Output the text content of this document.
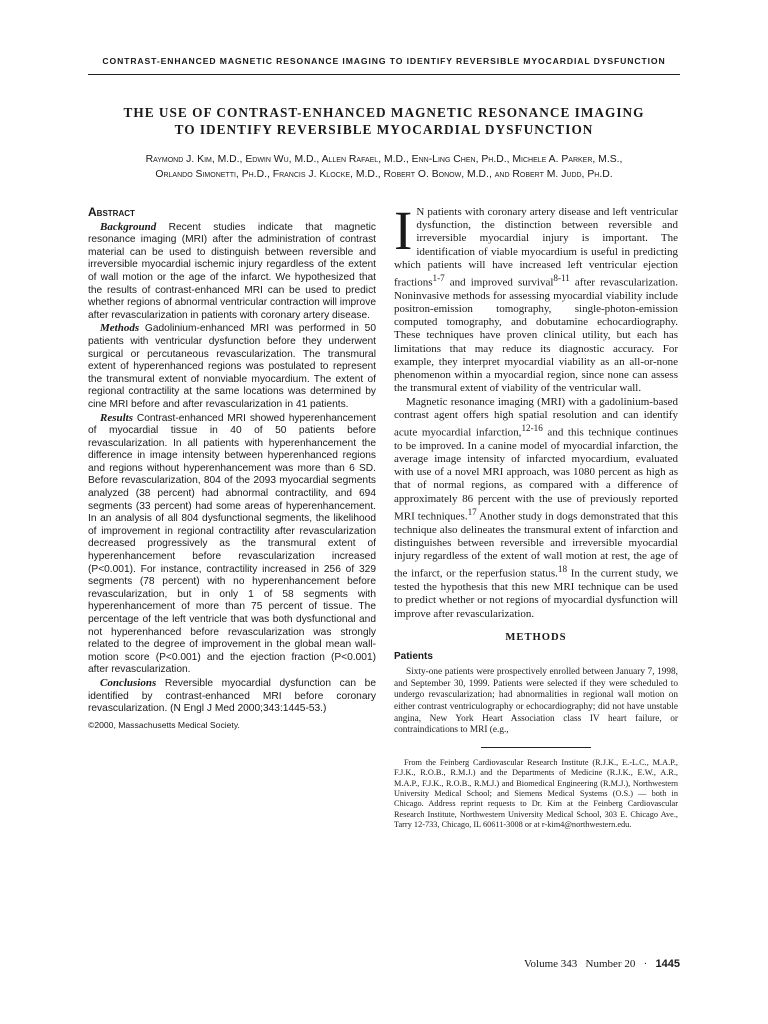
CONTRAST-ENHANCED MAGNETIC RESONANCE IMAGING TO IDENTIFY REVERSIBLE MYOCARDIAL DYSFUNCTION
THE USE OF CONTRAST-ENHANCED MAGNETIC RESONANCE IMAGING
TO IDENTIFY REVERSIBLE MYOCARDIAL DYSFUNCTION
Raymond J. Kim, M.D., Edwin Wu, M.D., Allen Rafael, M.D., Enn-Ling Chen, Ph.D., Michele A. Parker, M.S.,
Orlando Simonetti, Ph.D., Francis J. Klocke, M.D., Robert O. Bonow, M.D., and Robert M. Judd, Ph.D.
Abstract

Background Recent studies indicate that magnetic resonance imaging (MRI) after the administration of contrast material can be used to distinguish between reversible and irreversible myocardial ischemic injury regardless of the extent of wall motion or the age of the infarct. We hypothesized that the results of contrast-enhanced MRI can be used to predict whether regions of abnormal ventricular contraction will improve after revascularization in patients with coronary artery disease.

Methods Gadolinium-enhanced MRI was performed in 50 patients with ventricular dysfunction before they underwent surgical or percutaneous revascularization. The transmural extent of hyperenhanced regions was postulated to represent the transmural extent of nonviable myocardium. The extent of regional contractility at the same locations was determined by cine MRI before and after revascularization in 41 patients.

Results Contrast-enhanced MRI showed hyperenhancement of myocardial tissue in 40 of 50 patients before revascularization. In all patients with hyperenhancement the difference in image intensity between hyperenhanced regions and regions without hyperenhancement was more than 6 SD. Before revascularization, 804 of the 2093 myocardial segments analyzed (38 percent) had abnormal contractility, and 694 segments (33 percent) had some areas of hyperenhancement. In an analysis of all 804 dysfunctional segments, the likelihood of improvement in regional contractility after revascularization decreased progressively as the transmural extent of hyperenhancement before revascularization increased (P<0.001). For instance, contractility increased in 256 of 329 segments (78 percent) with no hyperenhancement before revascularization, but in only 1 of 58 segments with hyperenhancement of more than 75 percent of tissue. The percentage of the left ventricle that was both dysfunctional and not hyperenhanced before revascularization was strongly related to the degree of improvement in the global mean wall-motion score (P<0.001) and the ejection fraction (P<0.001) after revascularization.

Conclusions Reversible myocardial dysfunction can be identified by contrast-enhanced MRI before coronary revascularization. (N Engl J Med 2000;343:1445-53.)

©2000, Massachusetts Medical Society.

I N patients with coronary artery disease and left ventricular dysfunction, the distinction between reversible and irreversible myocardial injury is important. The identification of viable myocardium is useful in predicting which patients will have increased left ventricular ejection fractions$^{1-7}$ and improved survival$^{8-11}$ after revascularization. Noninvasive methods for assessing myocardial viability include positron-emission tomography, single-photon-emission computed tomography, and dobutamine echocardiography. These techniques have proven clinical utility, but each has limitations that may reduce its diagnostic accuracy. For example, they interpret myocardial viability as an all-or-none phenomenon within a myocardial region, since none can assess the transmural extent of viability of the ventricular wall.

Magnetic resonance imaging (MRI) with a gadolinium-based contrast agent offers high spatial resolution and can identify acute myocardial infarction,$^{12-16}$ and this technique continues to be improved. In a canine model of myocardial infarction, the average image intensity of infarcted myocardium, evaluated with use of a novel MRI approach, was 1080 percent as high as that of normal regions, as compared with a difference of approximately 86 percent with the use of previously reported MRI techniques.$^{17}$ Another study in dogs demonstrated that this technique also delineates the transmural extent of infarction and distinguishes between reversible and irreversible myocardial injury regardless of the extent of wall motion at rest, the age of the infarct, or the reperfusion status.$^{18}$ In the current study, we tested the hypothesis that this new MRI technique can be used to predict whether or not regions of myocardial dysfunction will improve after revascularization.

METHODS
Patients

Sixty-one patients were prospectively enrolled between January 7, 1998, and September 30, 1999. Patients were selected if they were scheduled to undergo revascularization; had abnormalities in regional wall motion on either contrast ventriculography or echocardiography; did not have unstable angina, New York Heart Association class IV heart failure, or contraindications to MRI (e.g.,

From the Feinberg Cardiovascular Research Institute (R.J.K., E.-L.C., M.A.P., F.J.K., R.O.B., R.M.J.) and the Departments of Medicine (R.J.K., E.W., A.R., M.A.P., F.J.K., R.O.B., R.M.J.) and Biomedical Engineering (R.M.J.), Northwestern University Medical School; and Siemens Medical Systems (O.S.) — both in Chicago. Address reprint requests to Dr. Kim at the Feinberg Cardiovascular Research Institute, Northwestern University Medical School, 303 E. Chicago Ave., Tarry 12-733, Chicago, IL 60611-3008 or at r-kim4@northwestern.edu.

Volume 343 Number 20 · 1445
